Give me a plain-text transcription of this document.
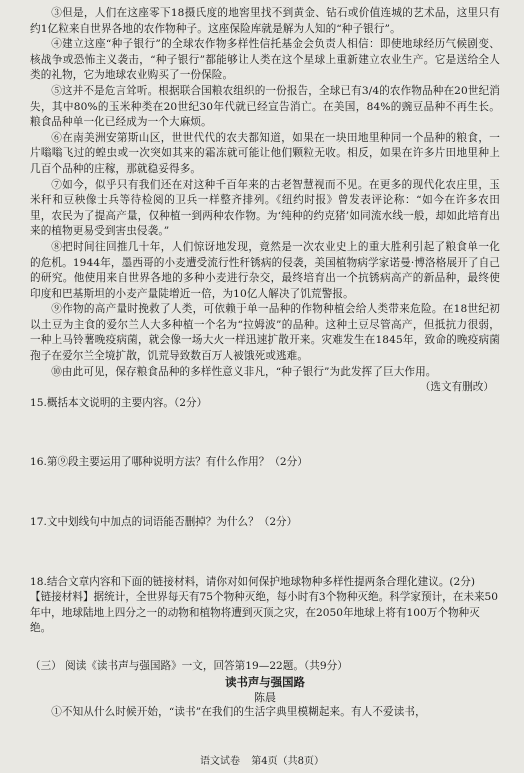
③但是，人们在这座零下18摄氏度的地窖里找不到黄金、钻石或价值连城的艺术品，这里只有约1亿粒来自世界各地的农作物种子。这座保险库就是解为人知的“种子银行”。

④建立这座“种子银行”的全球农作物多样性信托基金会负责人相信：即使地球经历气候剧变、核战争或恐怖主义袭击，“种子银行”都能够让人类在这个星球上重新建立农业生产。它是送给全人类的礼物，它为地球农业购买了一份保险。

⑤这并不是危言耸听。根据联合国粮农组织的一份报告，全球已有3/4的农作物品种在20世纪消失，其中80%的玉米种类在20世纪30年代就已经宣告消亡。在美国，84%的豌豆品种不再生长。粮食品种单一化已经成为一个大麻烦。

⑥在南美洲安第斯山区，世世代代的农夫都知道，如果在一块田地里种同一个品种的粮食，一片嗡嗡飞过的蝗虫或一次突如其来的霜冻就可能让他们颗粒无收。相反，如果在许多片田地里种上几百个品种的庄稼，那就稳妥得多。

⑦如今，似乎只有我们还在对这种千百年来的古老智慧视而不见。在更多的现代化农庄里，玉米秆和豆秧像士兵等待检阅的卫兵一样整齐排列。《纽约时报》曾发表评论称：“如今在许多农田里，农民为了提高产量，仅种植一到两种农作物。为‘纯种的约克猪’如同流水线一般，却如此培育出来的植物更易受到害虫侵袭。”

⑧把时间往回推几十年，人们惊讶地发现，竟然是一次农业史上的重大胜利引起了粮食单一化的危机。1944年，墨西哥的小麦遭受流行性秆锈病的侵袭，美国植物病学家诺曼·博洛格展开了自己的研究。他使用来自世界各地的多种小麦进行杂交，最终培育出一个抗锈病高产的新品种，最终使印度和巴基斯坦的小麦产量陡增近一倍，为10亿人解决了饥荒警报。

⑨作物的高产量时挽救了人类，可依赖于单一品种的作物种植会给人类带来危险。在18世纪初以土豆为主食的爱尔兰人大多种植一个名为“拉姆波”的品种。这种土豆尽管高产，但抵抗力很弱，一种上马铃薯晚疫病菌，就会像一场大火一样迅速扩散开来。灾难发生在1845年，致命的晚疫病菌孢子在爱尔兰全境扩散，饥荒导致数百万人被饿死或逃难。

⑩由此可见，保存粮食品种的多样性意义非凡，“种子银行”为此发挥了巨大作用。

（选文有删改）

15.概括本文说明的主要内容。（2分）

16.第⑨段主要运用了哪种说明方法？有什么作用？（2分）

17.文中划线句中加点的词语能否删掉？为什么？（2分）

18.结合文章内容和下面的链接材料，请你对如何保护地球物种多样性提两条合理化建议。(2分)

【链接材料】据统计，全世界每天有75个物种灭绝，每小时有3个物种灭绝。科学家预计，在未来50年中，地球陆地上四分之一的动物和植物将遭到灭顶之灾，在2050年地球上将有100万个物种灭绝。

（三） 阅读《读书声与强国路》一文，回答第19—22题。（共9分）

读书声与强国路

陈晨

①不知从什么时候开始，“读书”在我们的生活字典里模糊起来。有人不爱读书，

语文试卷 第4页（共8页）
